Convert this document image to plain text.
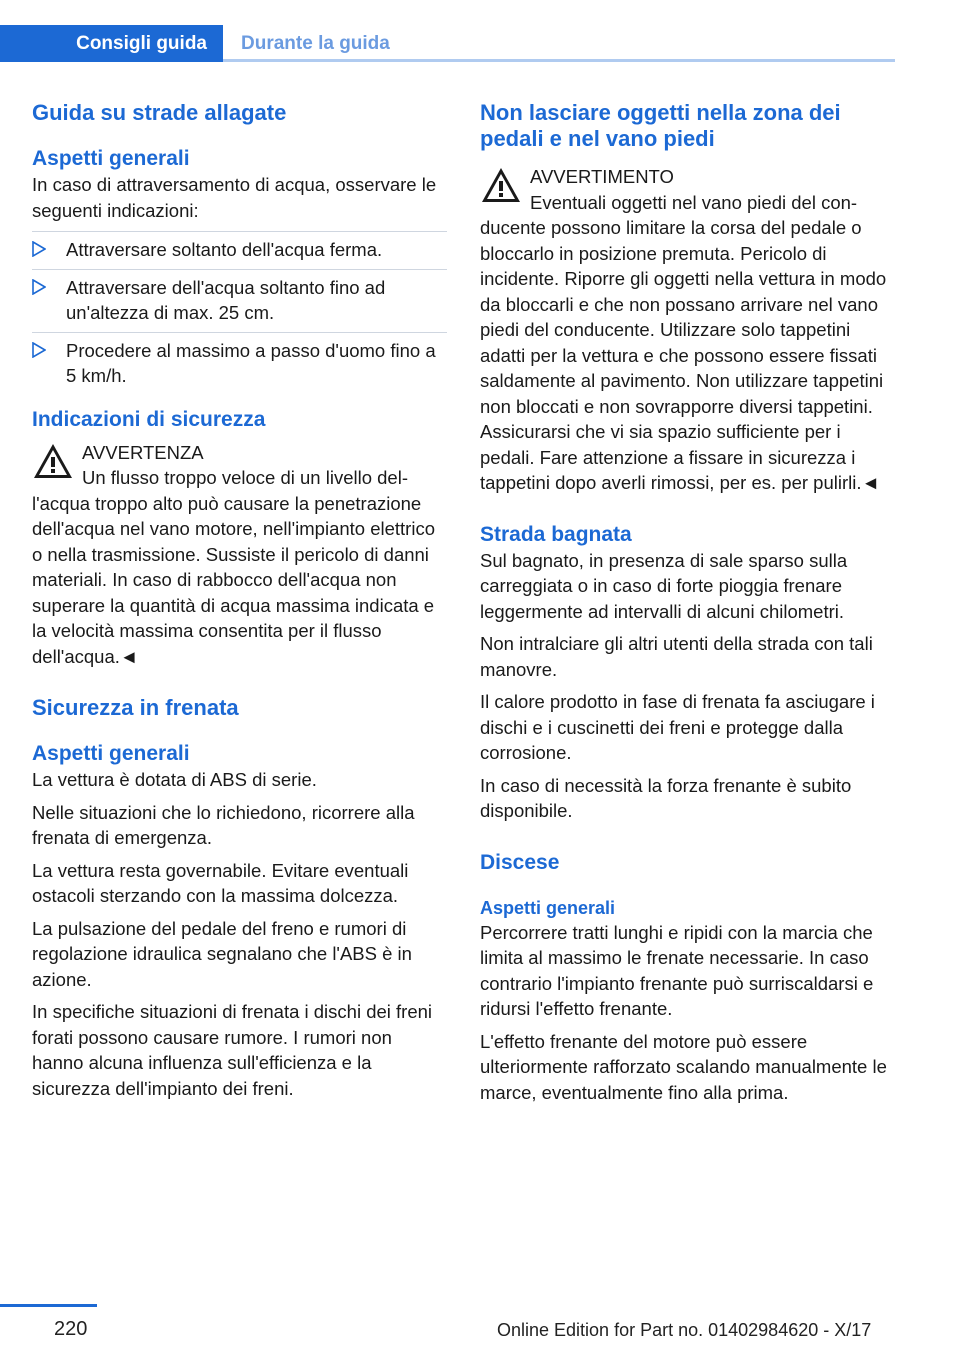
Consigli guida	Durante la guida
Guida su strade allagate
Aspetti generali

In caso di attraversamento di acqua, osservare le seguenti indicazioni:

Attraversare soltanto dell'acqua ferma.
Attraversare dell'acqua soltanto fino ad un'altezza di max. 25 cm.
Procedere al massimo a passo d'uomo fino a 5 km/h.
Indicazioni di sicurezza
AVVERTENZA

Un flusso troppo veloce di un livello del-

l'acqua troppo alto può causare la penetrazione dell'acqua nel vano motore, nell'impianto elettrico o nella trasmissione. Sussiste il pericolo di danni materiali. In caso di rabbocco dell'acqua non superare la quantità di acqua massima indicata e la velocità massima consentita per il flusso dell'acqua.◄

Sicurezza in frenata
Aspetti generali

La vettura è dotata di ABS di serie.

Nelle situazioni che lo richiedono, ricorrere alla frenata di emergenza.

La vettura resta governabile. Evitare eventuali ostacoli sterzando con la massima dolcezza.

La pulsazione del pedale del freno e rumori di regolazione idraulica segnalano che l'ABS è in azione.

In specifiche situazioni di frenata i dischi dei freni forati possono causare rumore. I rumori non hanno alcuna influenza sull'efficienza e la sicurezza dell'impianto dei freni.

Non lasciare oggetti nella zona dei pedali e nel vano piedi
AVVERTIMENTO

Eventuali oggetti nel vano piedi del con-

ducente possono limitare la corsa del pedale o bloccarlo in posizione premuta. Pericolo di incidente. Riporre gli oggetti nella vettura in modo da bloccarli e che non possano arrivare nel vano piedi del conducente. Utilizzare solo tappetini adatti per la vettura e che possono essere fissati saldamente al pavimento. Non utilizzare tappetini non bloccati e non sovrapporre diversi tappetini. Assicurarsi che vi sia spazio sufficiente per i pedali. Fare attenzione a fissare in sicurezza i tappetini dopo averli rimossi, per es. per pulirli.◄

Strada bagnata

Sul bagnato, in presenza di sale sparso sulla carreggiata o in caso di forte pioggia frenare leggermente ad intervalli di alcuni chilometri.

Non intralciare gli altri utenti della strada con tali manovre.

Il calore prodotto in fase di frenata fa asciugare i dischi e i cuscinetti dei freni e protegge dalla corrosione.

In caso di necessità la forza frenante è subito disponibile.

Discese
Aspetti generali

Percorrere tratti lunghi e ripidi con la marcia che limita al massimo le frenate necessarie. In caso contrario l'impianto frenante può surriscaldarsi e ridursi l'effetto frenante.

L'effetto frenante del motore può essere ulteriormente rafforzato scalando manualmente le marce, eventualmente fino alla prima.

220	Online Edition for Part no. 01402984620 - X/17
